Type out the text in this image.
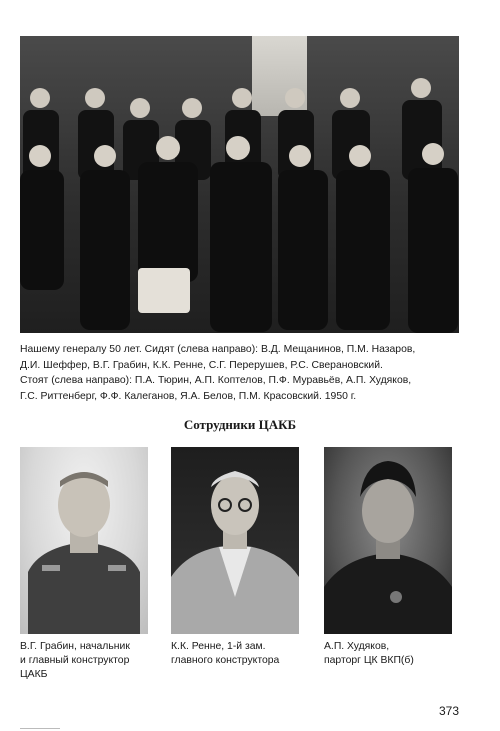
Нашему генералу 50 лет. Сидят (слева направо): В.Д. Мещанинов, П.М. Назаров,
Д.И. Шеффер, В.Г. Грабин, К.К. Ренне, С.Г. Перерушев, Р.С. Сверановский.
Стоят (слева направо): П.А. Тюрин, А.П. Коптелов, П.Ф. Муравьёв, А.П. Худяков,
Г.С. Риттенберг, Ф.Ф. Калеганов, Я.А. Белов, П.М. Красовский. 1950 г.
Сотрудники ЦАКБ
В.Г. Грабин, начальник
и главный конструктор
ЦАКБ
К.К. Ренне, 1-й зам.
главного конструктора
А.П. Худяков,
парторг ЦК ВКП(б)
373
